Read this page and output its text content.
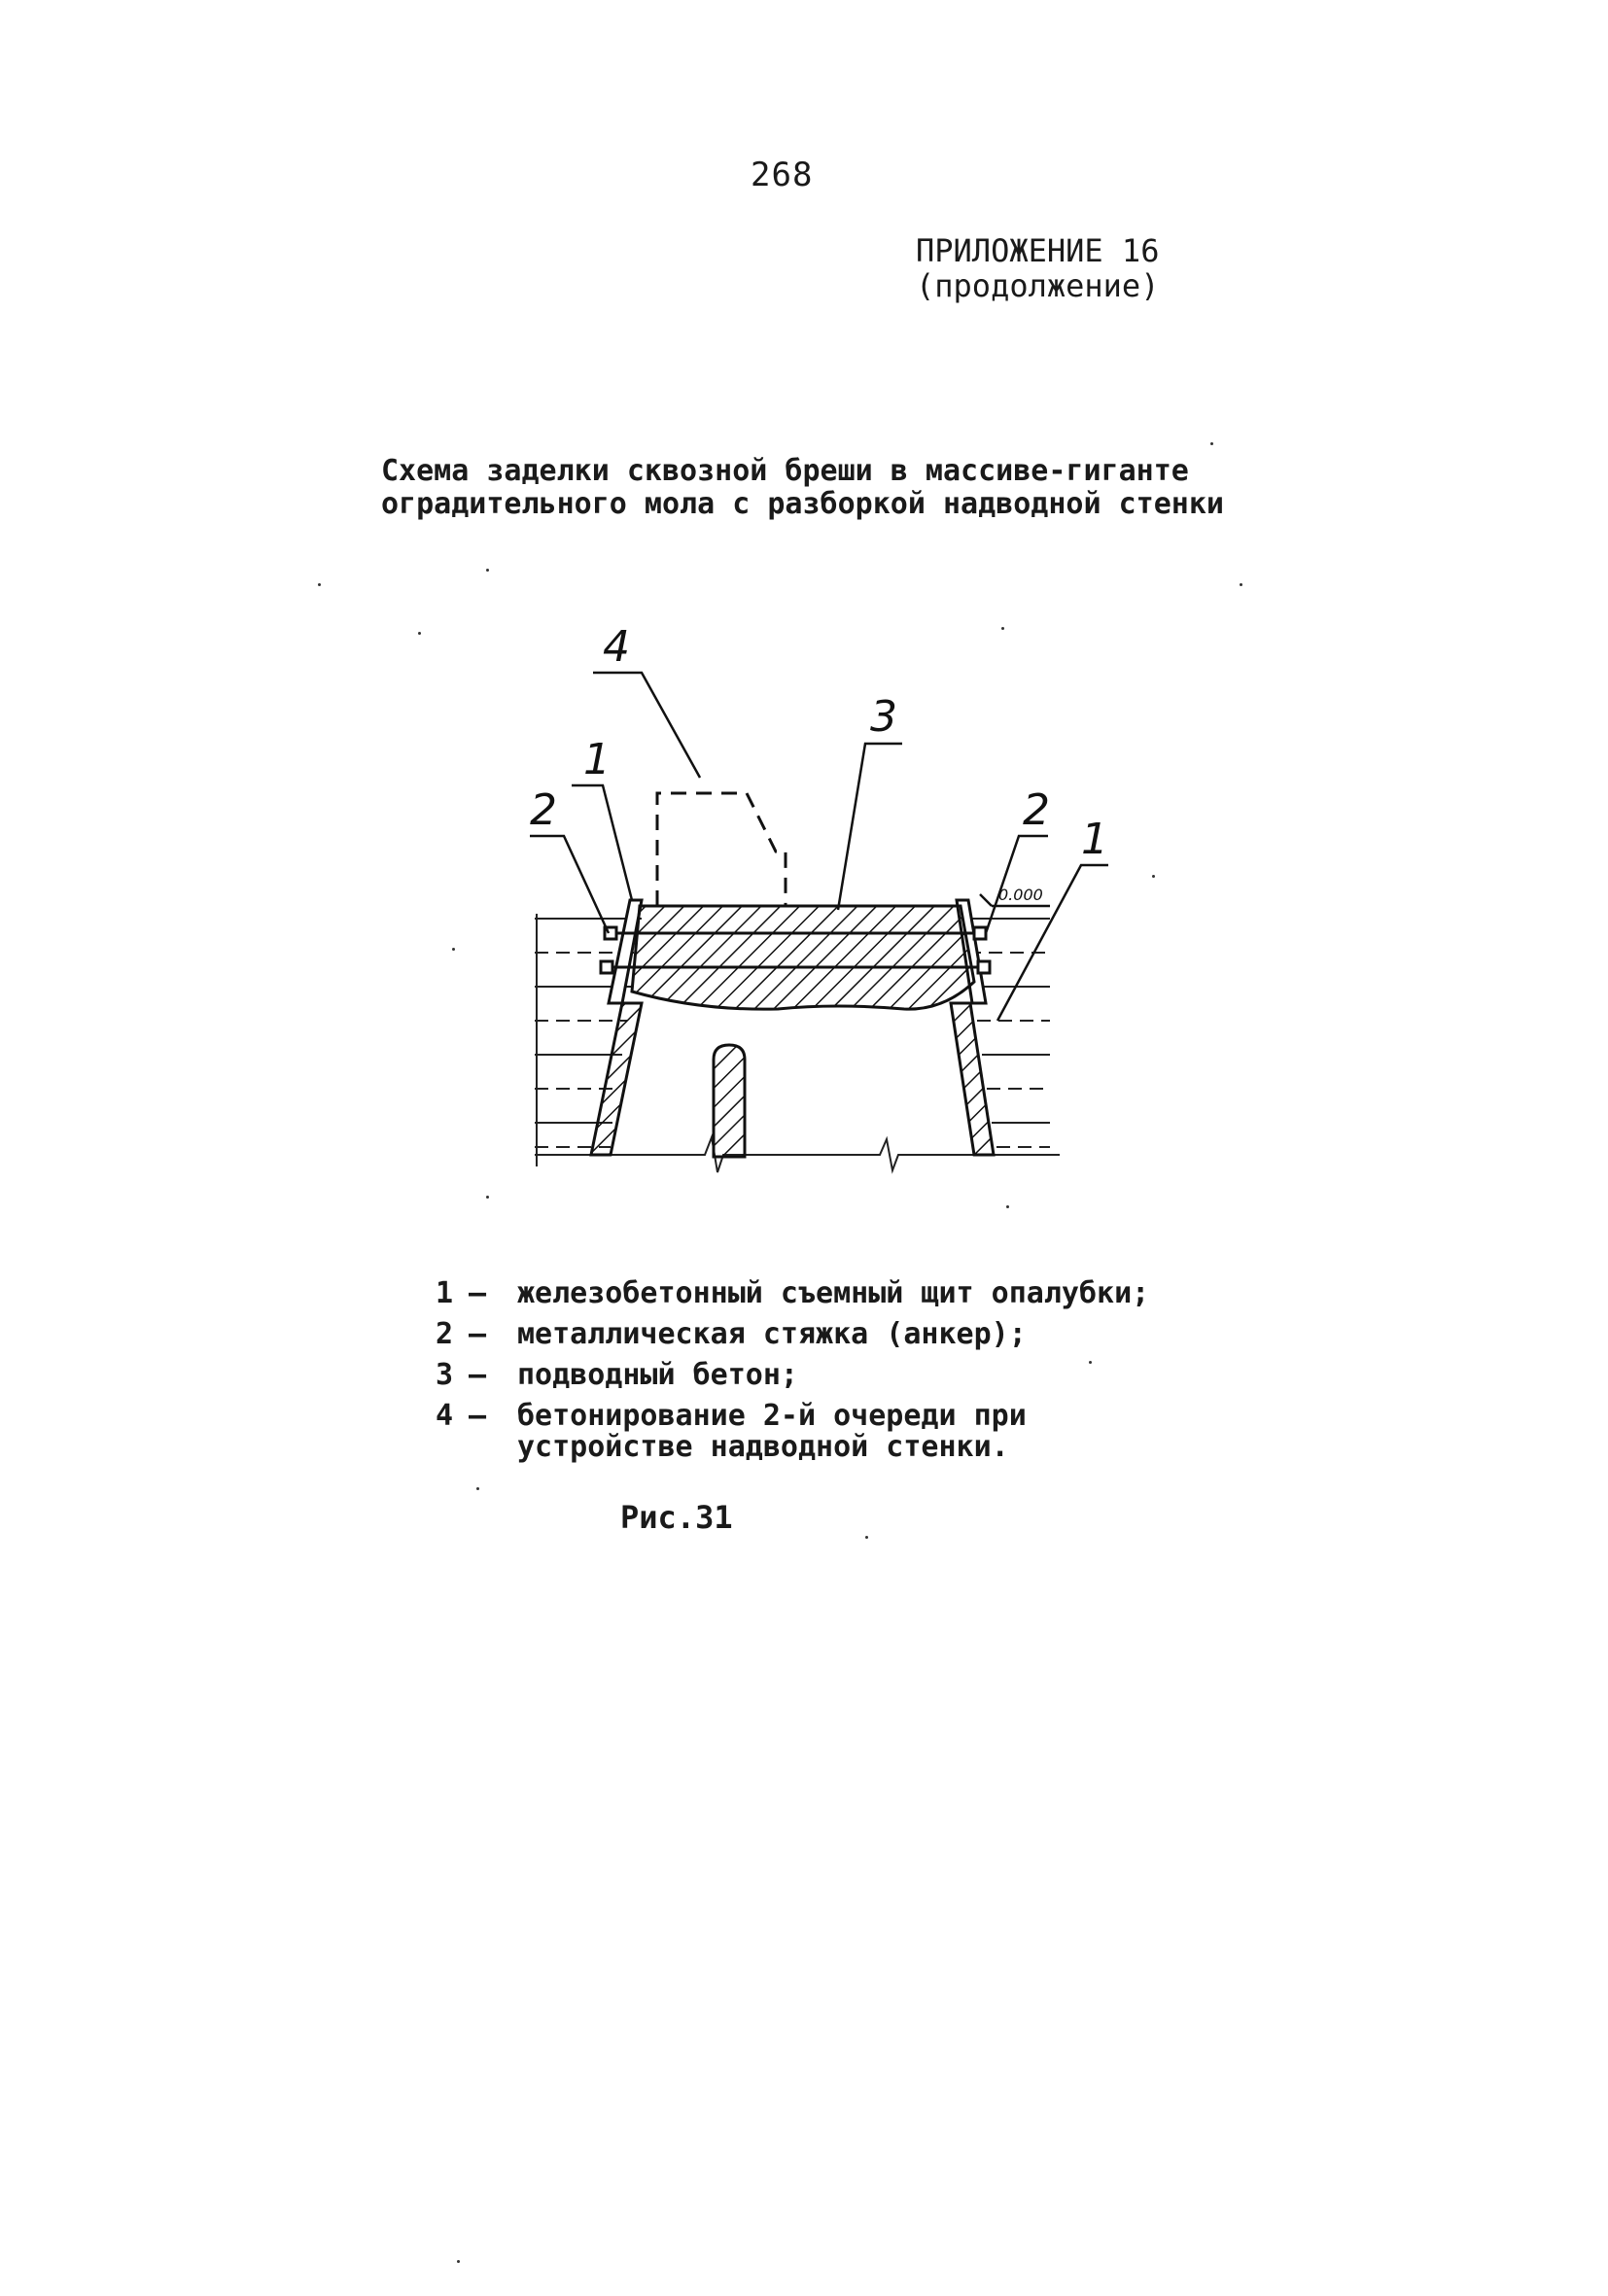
268
ПРИЛОЖЕНИЕ 16
(продолжение)
Схема заделки сквозной бреши в массиве-гиганте
оградительного мола с разборкой надводной стенки
4
1
2
3
2
1
0.000
1 –	железобетонный съемный щит опалубки;
2 –	металлическая стяжка (анкер);
3 –	подводный бетон;
4 –	бетонирование 2-й очереди при
устройстве надводной стенки.
Рис.31
